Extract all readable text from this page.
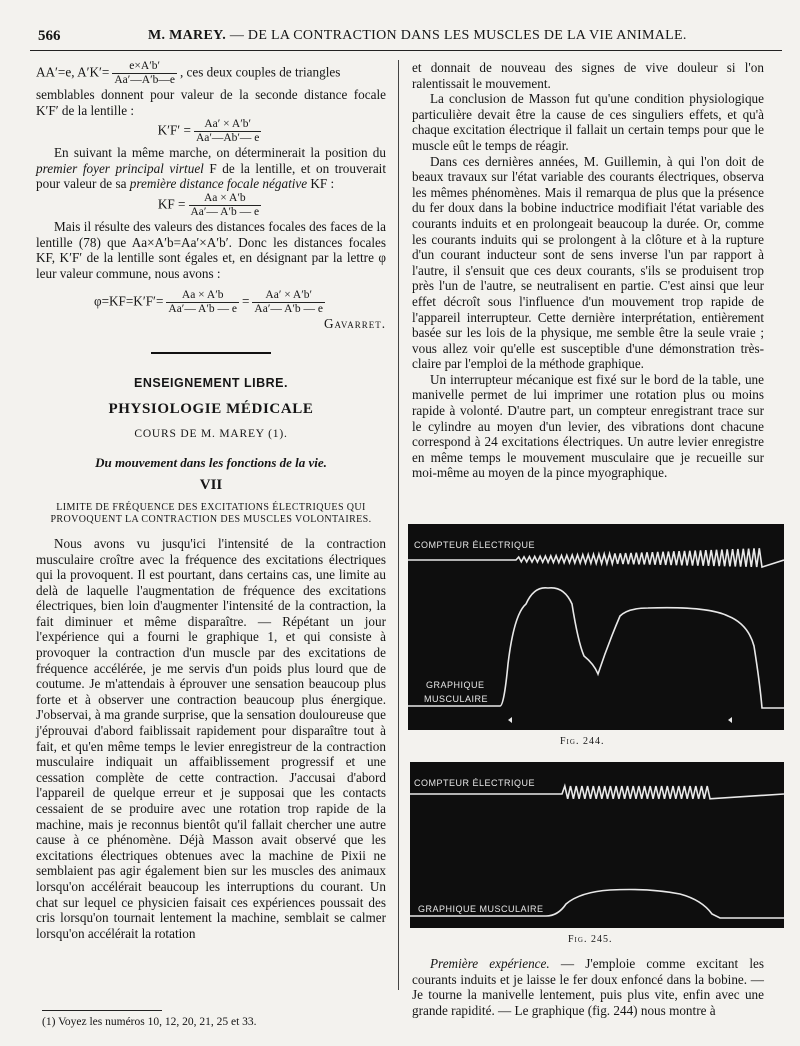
566	M. MAREY. — DE LA CONTRACTION DANS LES MUSCLES DE LA VIE ANIMALE.

AA′=e, $A'K'= \frac{e\times A'b'}{Aa'—A'b—e}$ , ces deux couples de triangles

semblables donnent pour valeur de la seconde distance focale K′F′ de la lentille :

$K'F' = \frac{Aa' \times A'b'}{Aa'—Ab'— e}$

En suivant la même marche, on déterminerait la position du premier foyer principal virtuel F de la lentille, et on trouverait pour valeur de sa première distance focale négative KF :

KF = $\frac{Aa \times A'b}{Aa'— A'b — e}$

Mais il résulte des valeurs des distances focales des faces de la lentille (78) que Aa×A′b=Aa′×A′b′. Donc les distances focales KF, K′F′ de la lentille sont égales et, en désignant par la lettre φ leur valeur commune, nous avons :

$\varphi=KF=K'F'= \frac{Aa \times A'b}{Aa'— A'b — e} = \frac{Aa' \times A'b'}{Aa'— A'b — e}$

Gavarret.

ENSEIGNEMENT LIBRE.
PHYSIOLOGIE MÉDICALE
COURS DE M. MAREY (1).
Du mouvement dans les fonctions de la vie.
VII
LIMITE DE FRÉQUENCE DES EXCITATIONS ÉLECTRIQUES QUI PROVOQUENT LA CONTRACTION DES MUSCLES VOLONTAIRES.

Nous avons vu jusqu'ici l'intensité de la contraction musculaire croître avec la fréquence des excitations électriques qui la provoquent. Il est pourtant, dans certains cas, une limite au delà de laquelle l'augmentation de fréquence des excitations électriques, bien loin d'augmenter l'intensité de la contraction, la fait diminuer et même disparaître. — Répétant un jour l'expérience qui a fourni le graphique 1, et qui consiste à provoquer la contraction d'un muscle par des excitations de fréquence accélérée, je me servis d'un poids plus lourd que de coutume. Je m'attendais à éprouver une sensation beaucoup plus forte et à observer une contraction beaucoup plus énergique. J'observai, à ma grande surprise, que la sensation douloureuse que j'éprouvai d'abord faiblissait rapidement pour disparaître tout à fait, et qu'en même temps le levier enregistreur de la contraction musculaire indiquait un affaiblissement progressif et une cessation complète de cette contraction. J'accusai d'abord l'appareil de quelque erreur et je supposai que les contacts cessaient de se produire avec une rotation trop rapide de la machine, mais je reconnus bientôt qu'il fallait chercher une autre cause à ce phénomène. Déjà Masson avait observé que les excitations électriques obtenues avec la machine de Pixii ne semblaient pas agir également bien sur les muscles des animaux lorsqu'on accélérait beaucoup les interruptions du courant. Un chat sur lequel ce physicien faisait ces expériences poussait des cris lorsqu'on tournait lentement la machine, semblait se calmer lorsqu'on accélérait la rotation

(1) Voyez les numéros 10, 12, 20, 21, 25 et 33.

et donnait de nouveau des signes de vive douleur si l'on ralentissait le mouvement.

La conclusion de Masson fut qu'une condition physiologique particulière devait être la cause de ces singuliers effets, et qu'à chaque excitation électrique il fallait un certain temps pour que le muscle eût le temps de réagir.

Dans ces dernières années, M. Guillemin, à qui l'on doit de beaux travaux sur l'état variable des courants électriques, observa les mêmes phénomènes. Mais il remarqua de plus que la présence du fer doux dans la bobine inductrice modifiait l'état variable des courants induits et en prolongeait beaucoup la durée. Or, comme les courants induits qui se prolongent à la clôture et à la rupture d'un courant inducteur sont de sens inverse l'un par rapport à l'autre, il s'ensuit que ces deux courants, s'ils se produisent trop près l'un de l'autre, se neutralisent en partie. C'est ainsi que leur effet décroît sous l'influence d'un mouvement trop rapide de l'appareil interrupteur. Cette dernière interprétation, entièrement basée sur les lois de la physique, me semble être la seule vraie ; vous allez voir qu'elle est susceptible d'une démonstration très-claire par l'emploi de la méthode graphique.

Un interrupteur mécanique est fixé sur le bord de la table, une manivelle permet de lui imprimer une rotation plus ou moins rapide à volonté. D'autre part, un compteur enregistrant trace sur le cylindre au moyen d'un levier, des vibrations dont chacune correspond à 24 excitations électriques. Un autre levier enregistre en même temps le mouvement musculaire que je recueille sur moi-même au moyen de la pince myographique.

COMPTEUR ÉLECTRIQUE
GRAPHIQUE
MUSCULAIRE
Fig. 244.
COMPTEUR ÉLECTRIQUE
GRAPHIQUE MUSCULAIRE
Fig. 245.

Première expérience. — J'emploie comme excitant les courants induits et je laisse le fer doux enfoncé dans la bobine. — Je tourne la manivelle lentement, puis plus vite, enfin avec une grande rapidité. — Le graphique (fig. 244) nous montre à
